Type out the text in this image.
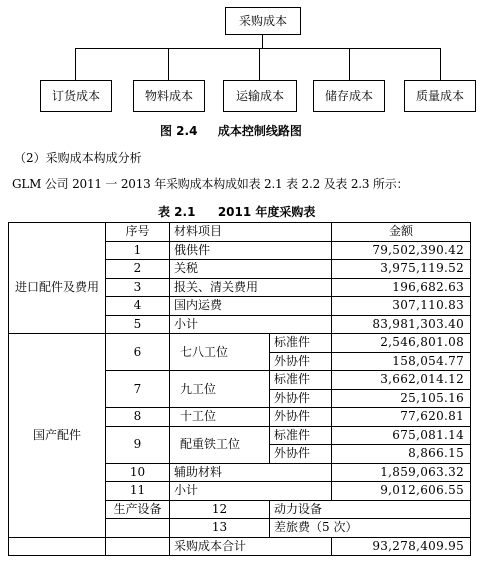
采购成本
订货成本	物料成本	运输成本	储存成本	质量成本
图 2.4 成本控制线路图
（2）采购成本构成分析
GLM 公司 2011 一 2013 年采购成本构成如表 2.1 表 2.2 及表 2.3 所示：
表 2.1 2011 年度采购表
	序号	材料项目		金额	
进口配件及费用	1	俄供件		79,502,390.42	
	2	关税		3,975,119.52	
	3	报关、清关费用		196,682.63	
	4	国内运费		307,110.83	
	5	小计		83,981,303.40	
国产配件	6	七八工位	标准件	2,546,801.08	
			外协件	158,054.77	
	7	九工位	标准件	3,662,014.12	
			外协件	25,105.16	
	8	十工位	外协件	77,620.81	
	9	配重铁工位	标准件	675,081.14	
			外协件	8,866.15	
	10	辅助材料		1,859,063.32	
	11	小计		9,012,606.55	
	生产设备	12	动力设备	
		13	差旅费（5 次）	
		采购成本合计		93,278,409.95	
